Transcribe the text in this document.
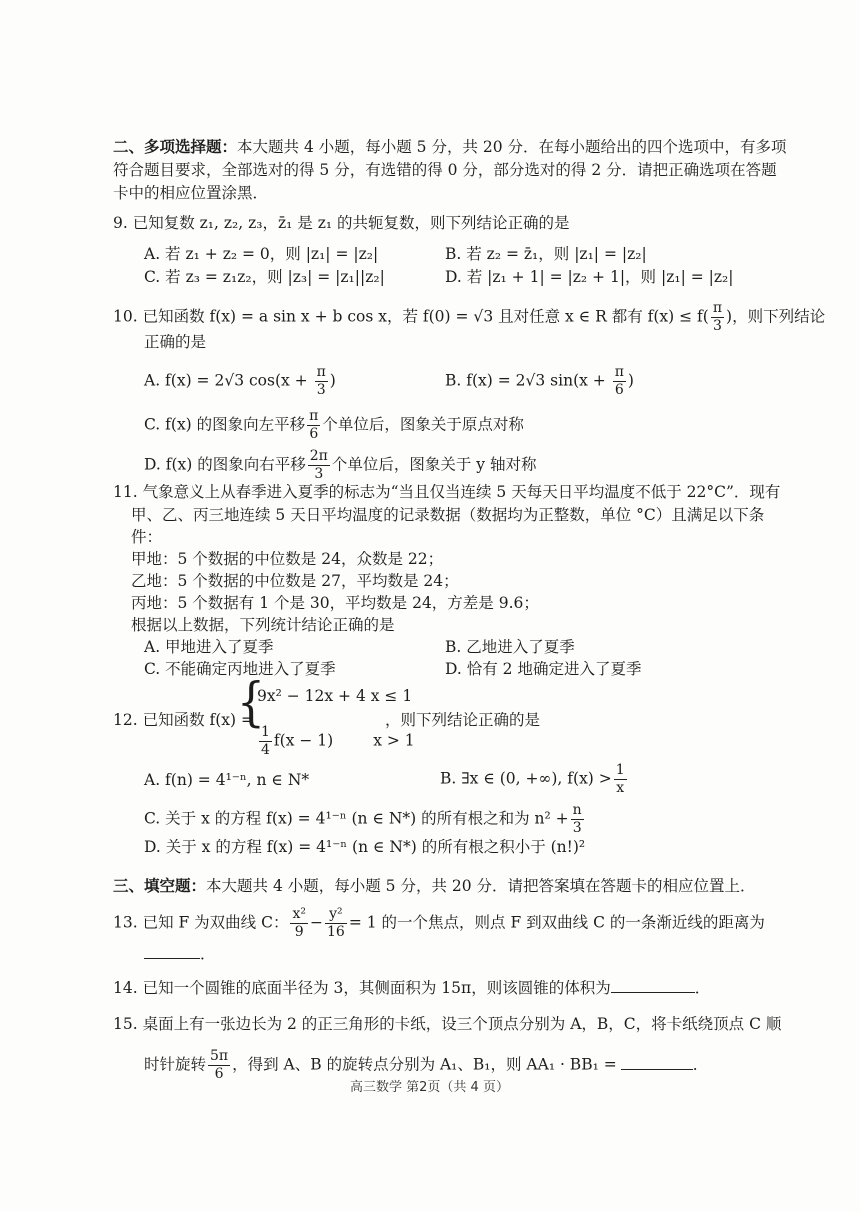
二、多项选择题：本大题共 4 小题，每小题 5 分，共 20 分．在每小题给出的四个选项中，有多项
符合题目要求，全部选对的得 5 分，有选错的得 0 分，部分选对的得 2 分．请把正确选项在答题
卡中的相应位置涂黑．
9. 已知复数 z₁, z₂, z₃，z̄₁ 是 z₁ 的共轭复数，则下列结论正确的是
A. 若 z₁ + z₂ = 0，则 |z₁| = |z₂|	B. 若 z₂ = z̄₁，则 |z₁| = |z₂|
C. 若 z₃ = z₁z₂，则 |z₃| = |z₁||z₂|	D. 若 |z₁ + 1| = |z₂ + 1|，则 |z₁| = |z₂|
10. 已知函数 f(x) = a sin x + b cos x，若 f(0) = √3 且对任意 x ∈ R 都有 $f(x) \le f( \frac{\pi}{3}$ )，则下列结论
正确的是
A. f(x) = 2√3 $\cos(x + \frac{\pi}{3}$ )	B. f(x) = 2√3 $\sin(x + \frac{\pi}{6}$ )
C. f(x) 的图象向左平移 $\frac{\pi}{6}$ 个单位后，图象关于原点对称
D. f(x) 的图象向右平移 $\frac{2\pi}{3}$ 个单位后，图象关于 y 轴对称
11. 气象意义上从春季进入夏季的标志为“当且仅当连续 5 天每天日平均温度不低于 22°C”．现有
甲、乙、丙三地连续 5 天日平均温度的记录数据（数据均为正整数，单位 °C）且满足以下条
件：
甲地：5 个数据的中位数是 24，众数是 22；
乙地：5 个数据的中位数是 27，平均数是 24；
丙地：5 个数据有 1 个是 30，平均数是 24，方差是 9.6；
根据以上数据，下列统计结论正确的是
A. 甲地进入了夏季	B. 乙地进入了夏季
C. 不能确定丙地进入了夏季	D. 恰有 2 地确定进入了夏季
12. 已知函数 f(x) =
{
9x² − 12x + 4 x ≤ 1
$\frac{1}{4} f(x - 1)$	x > 1
，则下列结论正确的是
A. f(n) = 4¹⁻ⁿ, n ∈ N*	B. ∃x ∈ (0, +∞), $f(x) > \frac{1}{x}$
C. 关于 x 的方程 f(x) = 4¹⁻ⁿ (n ∈ N*) 的所有根之和为 $n^2 + \frac{n}{3}$
D. 关于 x 的方程 f(x) = 4¹⁻ⁿ (n ∈ N*) 的所有根之积小于 (n!)²
三、填空题：本大题共 4 小题，每小题 5 分，共 20 分．请把答案填在答题卡的相应位置上．
13. 已知 F 为双曲线 C： $\frac{\text{x²}}{9} - \frac{\text{y²}}{16} = 1$ 的一个焦点，则点 F 到双曲线 C 的一条渐近线的距离为
．
14. 已知一个圆锥的底面半径为 3，其侧面积为 15π，则该圆锥的体积为	．
15. 桌面上有一张边长为 2 的正三角形的卡纸，设三个顶点分别为 A，B，C，将卡纸绕顶点 C 顺
时针旋转 $\frac{5\pi}{6}$ ，得到 A、B 的旋转点分别为 A₁、B₁，则 AA₁ · BB₁ =	．
高三数学 第2页（共 4 页）
